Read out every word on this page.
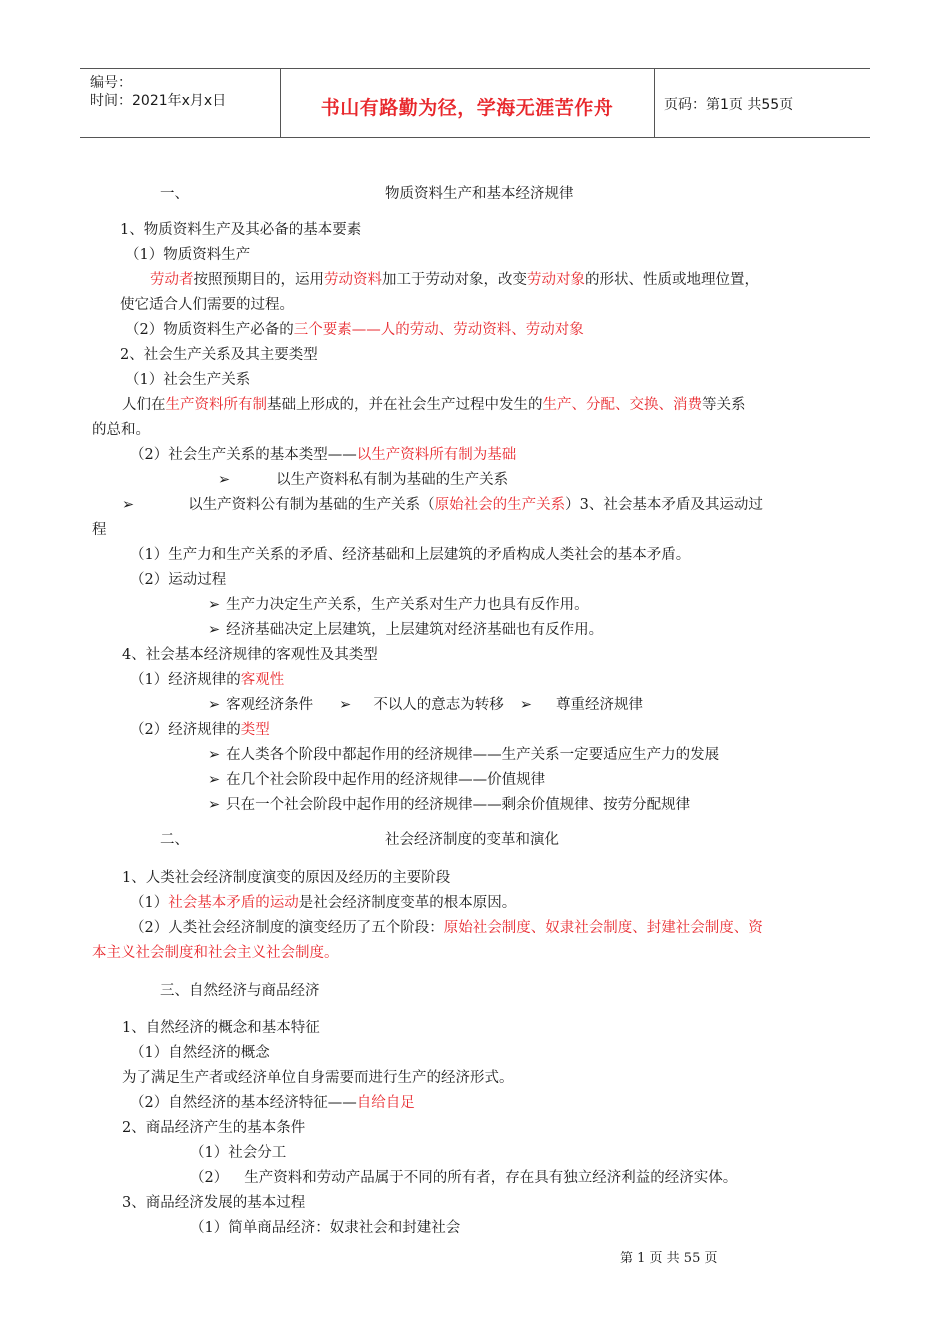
编号：
时间：2021年x月x日	书山有路勤为径，学海无涯苦作舟	页码：第1页 共55页
一、	物质资料生产和基本经济规律
1、物质资料生产及其必备的基本要素
（1）物质资料生产
劳动者按照预期目的，运用劳动资料加工于劳动对象，改变劳动对象的形状、性质或地理位置，
使它适合人们需要的过程。
（2）物质资料生产必备的三个要素——人的劳动、劳动资料、劳动对象
2、社会生产关系及其主要类型
（1）社会生产关系
人们在生产资料所有制基础上形成的，并在社会生产过程中发生的生产、分配、交换、消费等关系
的总和。
（2）社会生产关系的基本类型——以生产资料所有制为基础
➢	以生产资料私有制为基础的生产关系
➢	以生产资料公有制为基础的生产关系（原始社会的生产关系）3、社会基本矛盾及其运动过
程
（1）生产力和生产关系的矛盾、经济基础和上层建筑的矛盾构成人类社会的基本矛盾。
（2）运动过程
➢ 生产力决定生产关系，生产关系对生产力也具有反作用。
➢ 经济基础决定上层建筑，上层建筑对经济基础也有反作用。
4、社会基本经济规律的客观性及其类型
（1）经济规律的客观性
➢ 客观经济条件 ➢ 不以人的意志为转移 ➢ 尊重经济规律
（2）经济规律的类型
➢ 在人类各个阶段中都起作用的经济规律——生产关系一定要适应生产力的发展
➢ 在几个社会阶段中起作用的经济规律——价值规律
➢ 只在一个社会阶段中起作用的经济规律——剩余价值规律、按劳分配规律
二、	社会经济制度的变革和演化
1、人类社会经济制度演变的原因及经历的主要阶段
（1）社会基本矛盾的运动是社会经济制度变革的根本原因。
（2）人类社会经济制度的演变经历了五个阶段：原始社会制度、奴隶社会制度、封建社会制度、资
本主义社会制度和社会主义社会制度。
三、自然经济与商品经济
1、自然经济的概念和基本特征
（1）自然经济的概念
为了满足生产者或经济单位自身需要而进行生产的经济形式。
（2）自然经济的基本经济特征——自给自足
2、商品经济产生的基本条件
（1）社会分工
（2） 生产资料和劳动产品属于不同的所有者，存在具有独立经济利益的经济实体。
3、商品经济发展的基本过程
（1）简单商品经济：奴隶社会和封建社会
第 1 页 共 55 页
